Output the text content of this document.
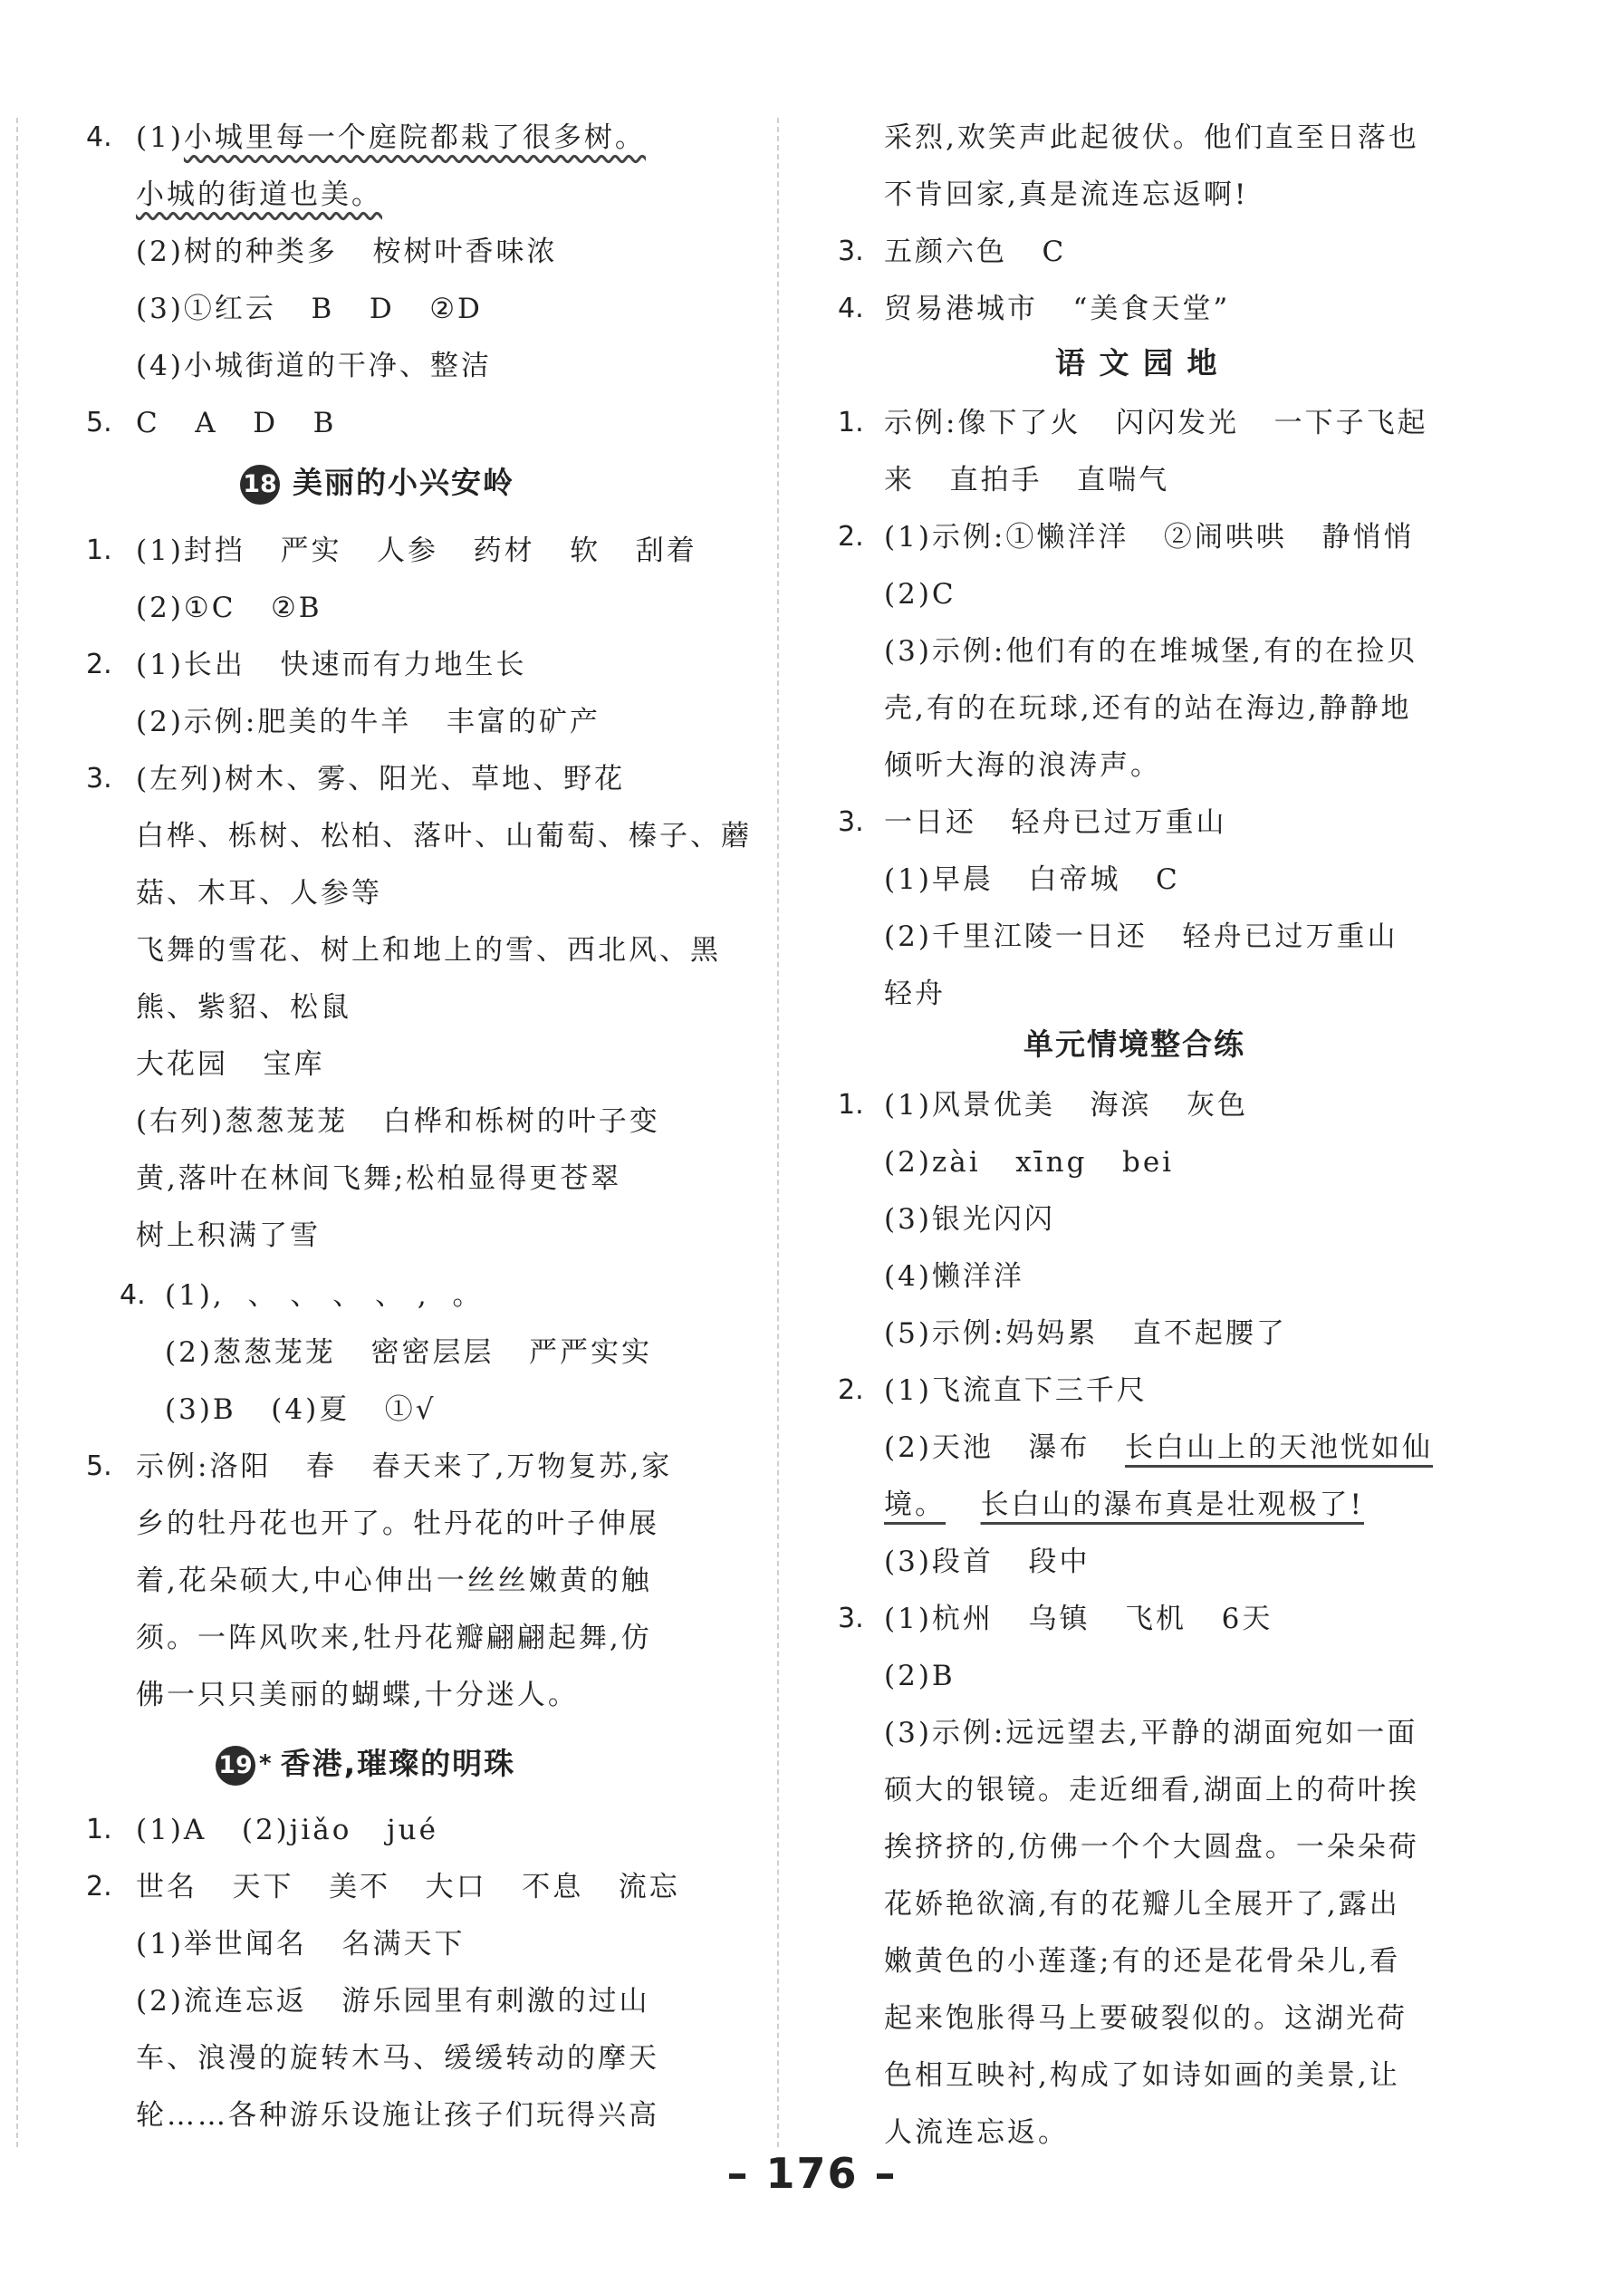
4. (1)小城里每一个庭院都栽了很多树。
小城的街道也美。
(2)树的种类多   桉树叶香味浓
(3)①红云   B   D   ②D
(4)小城街道的干净、整洁
5. C   A   D   B
18 美丽的小兴安岭
1. (1)封挡   严实   人参   药材   软   刮着
(2)①C   ②B
2. (1)长出   快速而有力地生长
(2)示例:肥美的牛羊   丰富的矿产
3. (左列)树木、雾、阳光、草地、野花
白桦、栎树、松柏、落叶、山葡萄、榛子、蘑
菇、木耳、人参等
飞舞的雪花、树上和地上的雪、西北风、黑
熊、紫貂、松鼠
大花园   宝库
(右列)葱葱茏茏   白桦和栎树的叶子变
黄,落叶在林间飞舞;松柏显得更苍翠
树上积满了雪
4. (1),  、 、 、 、 ,  。
(2)葱葱茏茏   密密层层   严严实实
(3)B   (4)夏   ①√
5. 示例:洛阳   春   春天来了,万物复苏,家
乡的牡丹花也开了。牡丹花的叶子伸展
着,花朵硕大,中心伸出一丝丝嫩黄的触
须。一阵风吹来,牡丹花瓣翩翩起舞,仿
佛一只只美丽的蝴蝶,十分迷人。
19 * 香港,璀璨的明珠
1. (1)A   (2)jiǎo   jué
2. 世名   天下   美不   大口   不息   流忘
(1)举世闻名   名满天下
(2)流连忘返   游乐园里有刺激的过山
车、浪漫的旋转木马、缓缓转动的摩天
轮……各种游乐设施让孩子们玩得兴高
采烈,欢笑声此起彼伏。他们直至日落也
不肯回家,真是流连忘返啊!
3. 五颜六色   C
4. 贸易港城市   “美食天堂”
语 文 园 地
1. 示例:像下了火   闪闪发光   一下子飞起
来   直拍手   直喘气
2. (1)示例:①懒洋洋   ②闹哄哄   静悄悄
(2)C
(3)示例:他们有的在堆城堡,有的在捡贝
壳,有的在玩球,还有的站在海边,静静地
倾听大海的浪涛声。
3. 一日还   轻舟已过万重山
(1)早晨   白帝城   C
(2)千里江陵一日还   轻舟已过万重山
轻舟
单元情境整合练
1. (1)风景优美   海滨   灰色
(2)zài   xīng   bei
(3)银光闪闪
(4)懒洋洋
(5)示例:妈妈累   直不起腰了
2. (1)飞流直下三千尺
(2)天池   瀑布   长白山上的天池恍如仙
境。 长白山的瀑布真是壮观极了!
(3)段首   段中
3. (1)杭州   乌镇   飞机   6天
(2)B
(3)示例:远远望去,平静的湖面宛如一面
硕大的银镜。走近细看,湖面上的荷叶挨
挨挤挤的,仿佛一个个大圆盘。一朵朵荷
花娇艳欲滴,有的花瓣儿全展开了,露出
嫩黄色的小莲蓬;有的还是花骨朵儿,看
起来饱胀得马上要破裂似的。这湖光荷
色相互映衬,构成了如诗如画的美景,让
人流连忘返。
– 176 –
